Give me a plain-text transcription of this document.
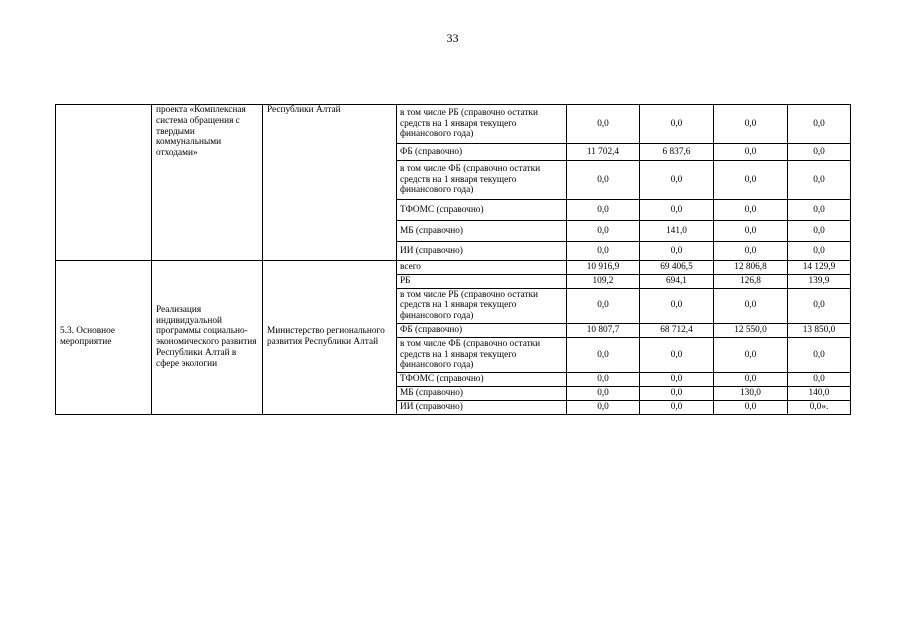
33
	проекта «Комплексная система обращения с твердыми коммунальными отходами»	Республики Алтай	в том числе РБ (справочно остатки средств на 1 января текущего финансового года)	0,0	0,0	0,0	0,0
			ФБ (справочно)	11 702,4	6 837,6	0,0	0,0
			в том числе ФБ (справочно остатки средств на 1 января текущего финансового года)	0,0	0,0	0,0	0,0
			ТФОМС (справочно)	0,0	0,0	0,0	0,0
			МБ (справочно)	0,0	141,0	0,0	0,0
			ИИ (справочно)	0,0	0,0	0,0	0,0
5.3. Основное мероприятие	Реализация индивидуальной программы социально-экономического развития Республики Алтай в сфере экологии	Министерство регионального развития Республики Алтай	всего	10 916,9	69 406,5	12 806,8	14 129,9
			РБ	109,2	694,1	126,8	139,9
			в том числе РБ (справочно остатки средств на 1 января текущего финансового года)	0,0	0,0	0,0	0,0
			ФБ (справочно)	10 807,7	68 712,4	12 550,0	13 850,0
			в том числе ФБ (справочно остатки средств на 1 января текущего финансового года)	0,0	0,0	0,0	0,0
			ТФОМС (справочно)	0,0	0,0	0,0	0,0
			МБ (справочно)	0,0	0,0	130,0	140,0
			ИИ (справочно)	0,0	0,0	0,0	0,0».
